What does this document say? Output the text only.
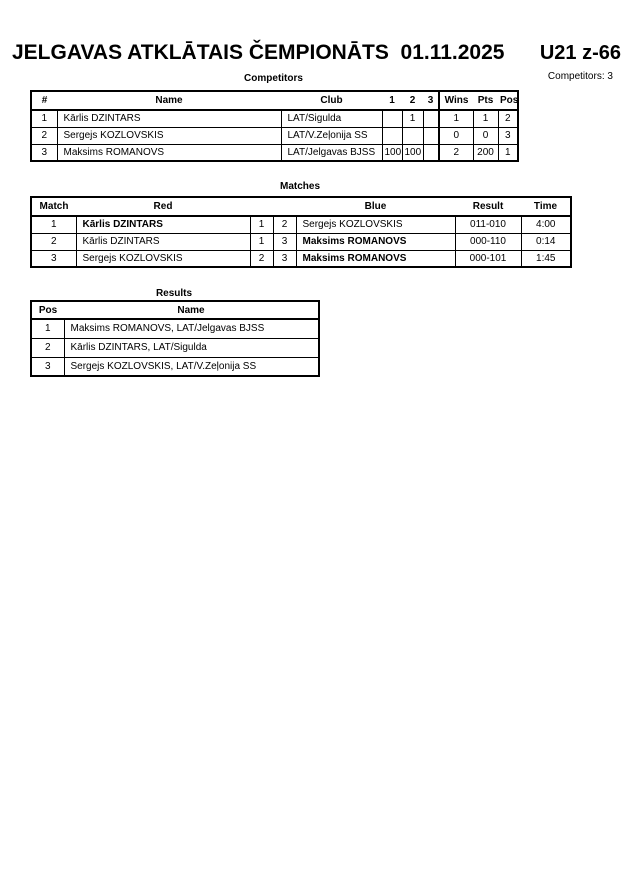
JELGAVAS ATKLĀTAIS ČEMPIONĀTS  01.11.2025 U21 z-66
Competitors: 3
Competitors
#	Name	Club	1	2	3	Wins	Pts	Pos
1	Kārlis DZINTARS	LAT/Sigulda		1		1	1	2
2	Sergejs KOZLOVSKIS	LAT/V.Zeļonija SS				0	0	3
3	Maksims ROMANOVS	LAT/Jelgavas BJSS	100	100		2	200	1
Matches
Match	Red			Blue	Result	Time
1	Kārlis DZINTARS	1	2	Sergejs KOZLOVSKIS	011-010	4:00
2	Kārlis DZINTARS	1	3	Maksims ROMANOVS	000-110	0:14
3	Sergejs KOZLOVSKIS	2	3	Maksims ROMANOVS	000-101	1:45
Results
Pos	Name
1	Maksims ROMANOVS, LAT/Jelgavas BJSS
2	Kārlis DZINTARS, LAT/Sigulda
3	Sergejs KOZLOVSKIS, LAT/V.Zeļonija SS
